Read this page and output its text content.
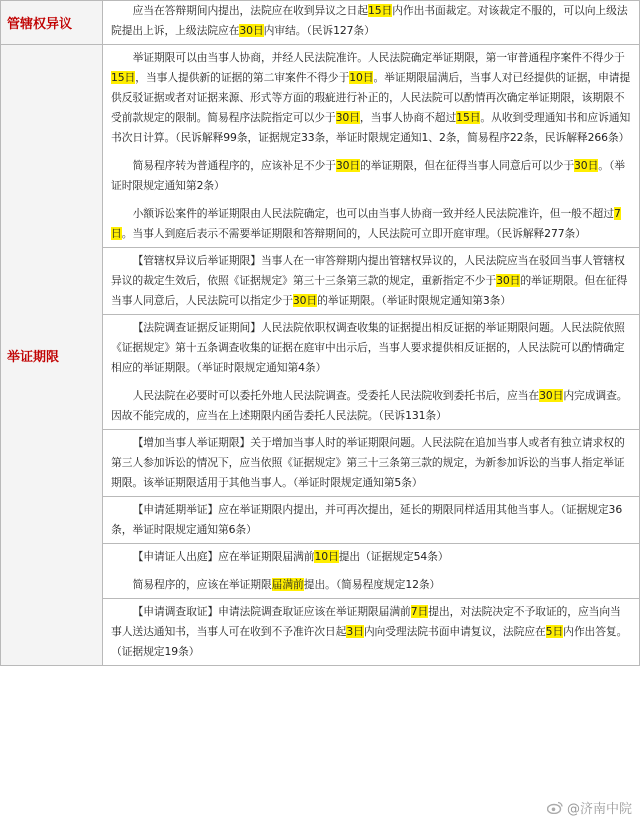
管辖权异议	应当在答辩期间内提出，法院应在收到异议之日起15日内作出书面裁定。对该裁定不服的，可以向上级法院提出上诉，上级法院应在30日内审结。（民诉127条）

举证期限	举证期限可以由当事人协商，并经人民法院准许。人民法院确定举证期限，第一审普通程序案件不得少于15日，当事人提供新的证据的第二审案件不得少于10日。举证期限届满后，当事人对已经提供的证据，申请提供反驳证据或者对证据来源、形式等方面的瑕疵进行补正的，人民法院可以酌情再次确定举证期限，该期限不受前款规定的限制。简易程序法院指定可以少于30日，当事人协商不超过15日。从收到受理通知书和应诉通知书次日计算。（民诉解释99条，证据规定33条，举证时限规定通知1、2条，简易程序22条，民诉解释266条）

简易程序转为普通程序的，应该补足不少于30日的举证期限，但在征得当事人同意后可以少于30日。（举证时限规定通知第2条）

小额诉讼案件的举证期限由人民法院确定，也可以由当事人协商一致并经人民法院准许，但一般不超过7日。当事人到庭后表示不需要举证期限和答辩期间的，人民法院可立即开庭审理。（民诉解释277条）

	【管辖权异议后举证期限】当事人在一审答辩期内提出管辖权异议的，人民法院应当在驳回当事人管辖权异议的裁定生效后，依照《证据规定》第三十三条第三款的规定，重新指定不少于30日的举证期限。但在征得当事人同意后，人民法院可以指定少于30日的举证期限。（举证时限规定通知第3条）

	【法院调查证据反证期间】人民法院依职权调查收集的证据提出相反证据的举证期限问题。人民法院依照《证据规定》第十五条调查收集的证据在庭审中出示后，当事人要求提供相反证据的，人民法院可以酌情确定相应的举证期限。（举证时限规定通知第4条）

人民法院在必要时可以委托外地人民法院调查。受委托人民法院收到委托书后，应当在30日内完成调查。因故不能完成的，应当在上述期限内函告委托人民法院。（民诉131条）

	【增加当事人举证期限】关于增加当事人时的举证期限问题。人民法院在追加当事人或者有独立请求权的第三人参加诉讼的情况下，应当依照《证据规定》第三十三条第三款的规定，为新参加诉讼的当事人指定举证期限。该举证期限适用于其他当事人。（举证时限规定通知第5条）

	【申请延期举证】应在举证期限内提出，并可再次提出，延长的期限同样适用其他当事人。（证据规定36条，举证时限规定通知第6条）

	【申请证人出庭】应在举证期限届满前10日提出（证据规定54条）

简易程序的，应该在举证期限届满前提出。（简易程度规定12条）

	【申请调查取证】申请法院调查取证应该在举证期限届满前7日提出，对法院决定不予取证的，应当向当事人送达通知书，当事人可在收到不予准许次日起3日内向受理法院书面申请复议，法院应在5日内作出答复。（证据规定19条）

@济南中院
